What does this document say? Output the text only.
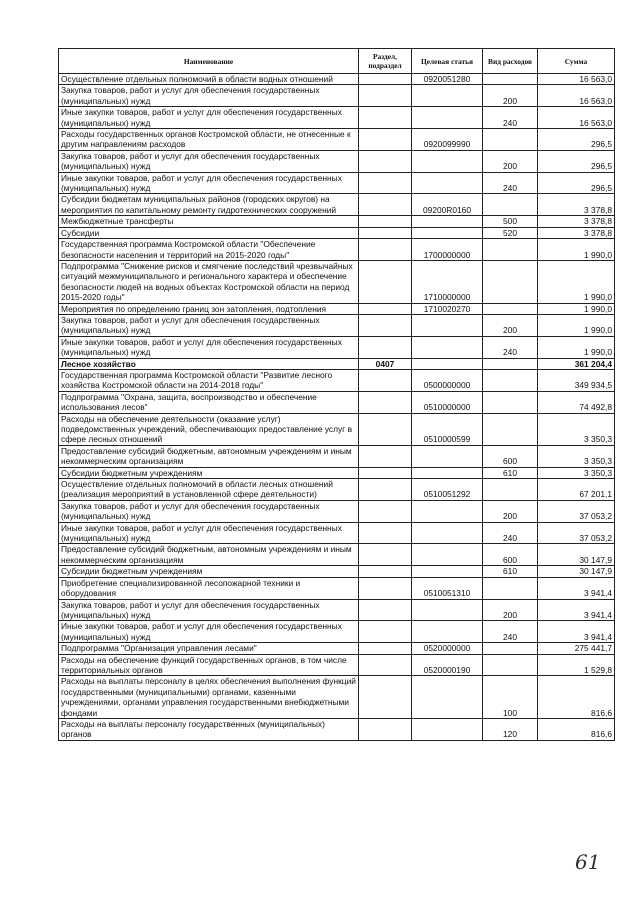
Наименование	Раздел, подраздел	Целевая статья	Вид расходов	Сумма
Осуществление отдельных полномочий в области водных отношений		0920051280		16 563,0
Закупка товаров, работ и услуг для обеспечения государственных (муниципальных) нужд			200	16 563,0
Иные закупки товаров, работ и услуг для обеспечения государственных (муниципальных) нужд			240	16 563,0
Расходы государственных органов Костромской области, не отнесенные к другим направлениям расходов		0920099990		296,5
Закупка товаров, работ и услуг для обеспечения государственных (муниципальных) нужд			200	296,5
Иные закупки товаров, работ и услуг для обеспечения государственных (муниципальных) нужд			240	296,5
Субсидии бюджетам муниципальных районов (городских округов) на мероприятия по капитальному ремонту гидротехнических сооружений		09200R0160		3 378,8
Межбюджетные трансферты			500	3 378,8
Субсидии			520	3 378,8
Государственная программа Костромской области "Обеспечение безопасности населения и территорий на 2015-2020 годы"		1700000000		1 990,0
Подпрограмма "Снижение рисков и смягчение последствий чрезвычайных ситуаций межмуниципального и регионального характера и обеспечение безопасности людей на водных объектах Костромской области на период 2015-2020 годы"		1710000000		1 990,0
Мероприятия по определению границ зон затопления, подтопления		1710020270		1 990,0
Закупка товаров, работ и услуг для обеспечения государственных (муниципальных) нужд			200	1 990,0
Иные закупки товаров, работ и услуг для обеспечения государственных (муниципальных) нужд			240	1 990,0
Лесное хозяйство	0407			361 204,4
Государственная программа Костромской области "Развитие лесного хозяйства Костромской области на 2014-2018 годы"		0500000000		349 934,5
Подпрограмма "Охрана, защита, воспроизводство и обеспечение использования лесов"		0510000000		74 492,8
Расходы на обеспечение деятельности (оказание услуг) подведомственных учреждений, обеспечивающих предоставление услуг в сфере лесных отношений		0510000599		3 350,3
Предоставление субсидий бюджетным, автономным учреждениям и иным некоммерческим организациям			600	3 350,3
Субсидии бюджетным учреждениям			610	3 350,3
Осуществление отдельных полномочий в области лесных отношений (реализация мероприятий в установленной сфере деятельности)		0510051292		67 201,1
Закупка товаров, работ и услуг для обеспечения государственных (муниципальных) нужд			200	37 053,2
Иные закупки товаров, работ и услуг для обеспечения государственных (муниципальных) нужд			240	37 053,2
Предоставление субсидий бюджетным, автономным учреждениям и иным некоммерческим организациям			600	30 147,9
Субсидии бюджетным учреждениям			610	30 147,9
Приобретение специализированной лесопожарной техники и оборудования		0510051310		3 941,4
Закупка товаров, работ и услуг для обеспечения государственных (муниципальных) нужд			200	3 941,4
Иные закупки товаров, работ и услуг для обеспечения государственных (муниципальных) нужд			240	3 941,4
Подпрограмма "Организация управления лесами"		0520000000		275 441,7
Расходы на обеспечение функций государственных органов, в том числе территориальных органов		0520000190		1 529,8
Расходы на выплаты персоналу в целях обеспечения выполнения функций государственными (муниципальными) органами, казенными учреждениями, органами управления государственными внебюджетными фондами			100	816,6
Расходы на выплаты персоналу государственных (муниципальных) органов			120	816,6
61
